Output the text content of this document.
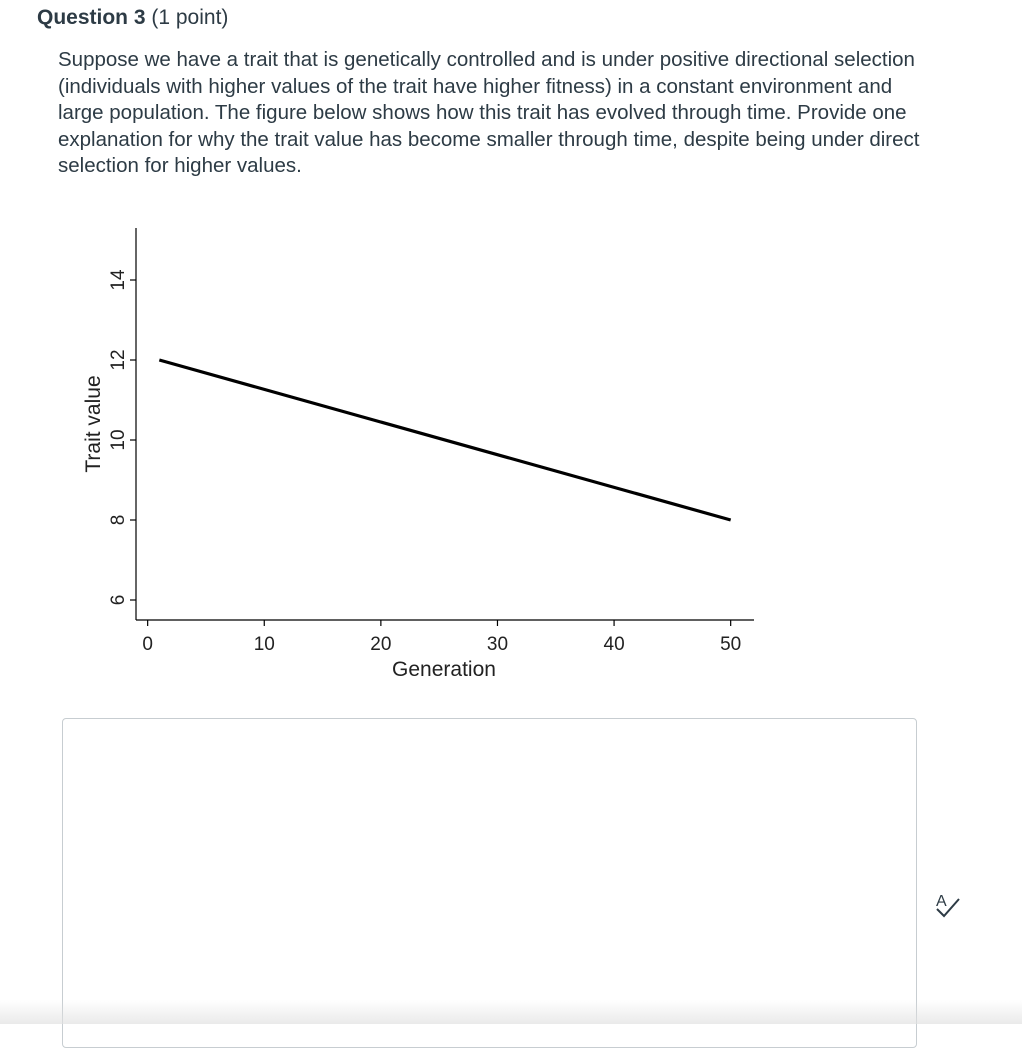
Question 3 (1 point)
Suppose we have a trait that is genetically controlled and is under positive directional selection (individuals with higher values of the trait have higher fitness) in a constant environment and large population. The figure below shows how this trait has evolved through time. Provide one explanation for why the trait value has become smaller through time, despite being under direct selection for higher values.
0	10	20	30	40	50
6
8
10
12
14
Generation
Trait value
A
